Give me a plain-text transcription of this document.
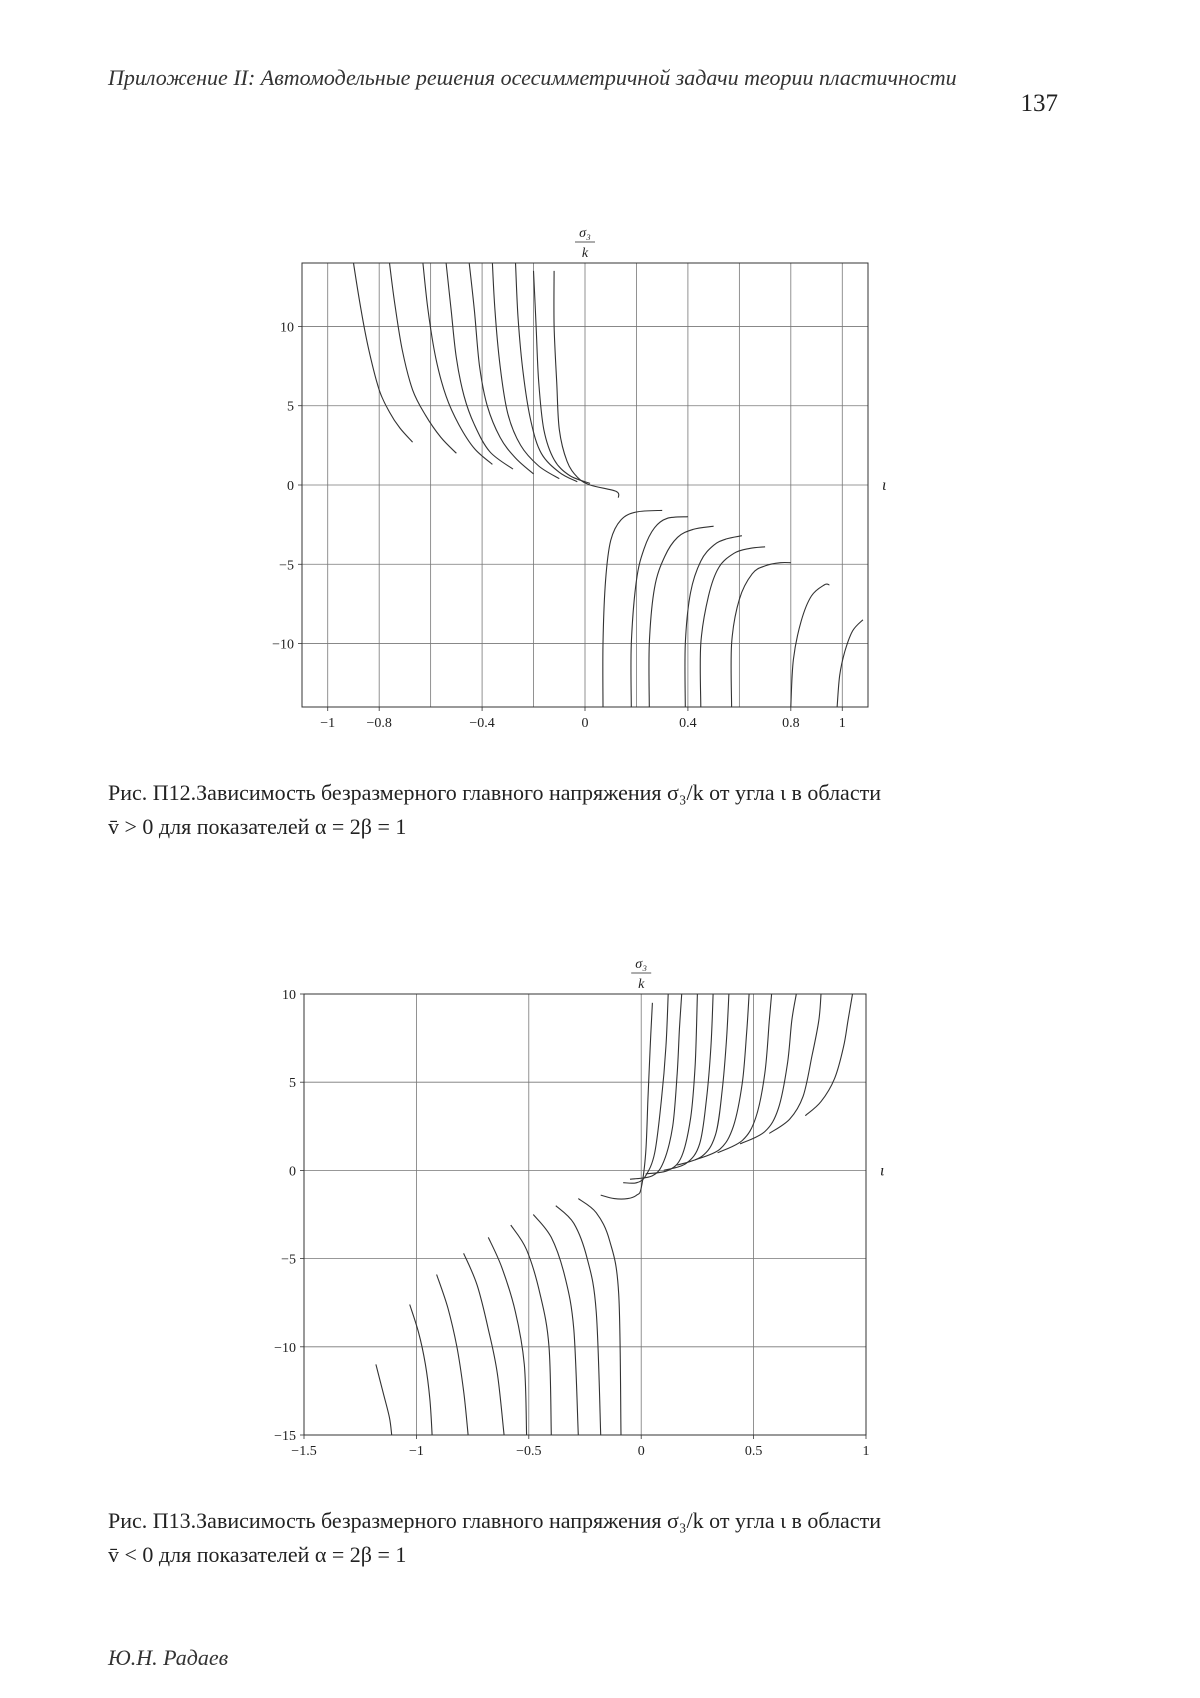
Приложение II: Автомодельные решения осесимметричной задачи теории пластичности
137
10
5
0
−5
−10
−1 −0.8	−0.4	0	0.4	0.8	1
σ₃
k
ι
Рис. П12.Зависимость безразмерного главного напряжения σ₃/k от угла ι в области
v̄ > 0 для показателей α = 2β = 1
10
5
0
−5
−10
−15
−1.5	−1	−0.5	0	0.5	1
σ₃
k
ι
Рис. П13.Зависимость безразмерного главного напряжения σ₃/k от угла ι в области
v̄ < 0 для показателей α = 2β = 1
Ю.Н. Радаев
